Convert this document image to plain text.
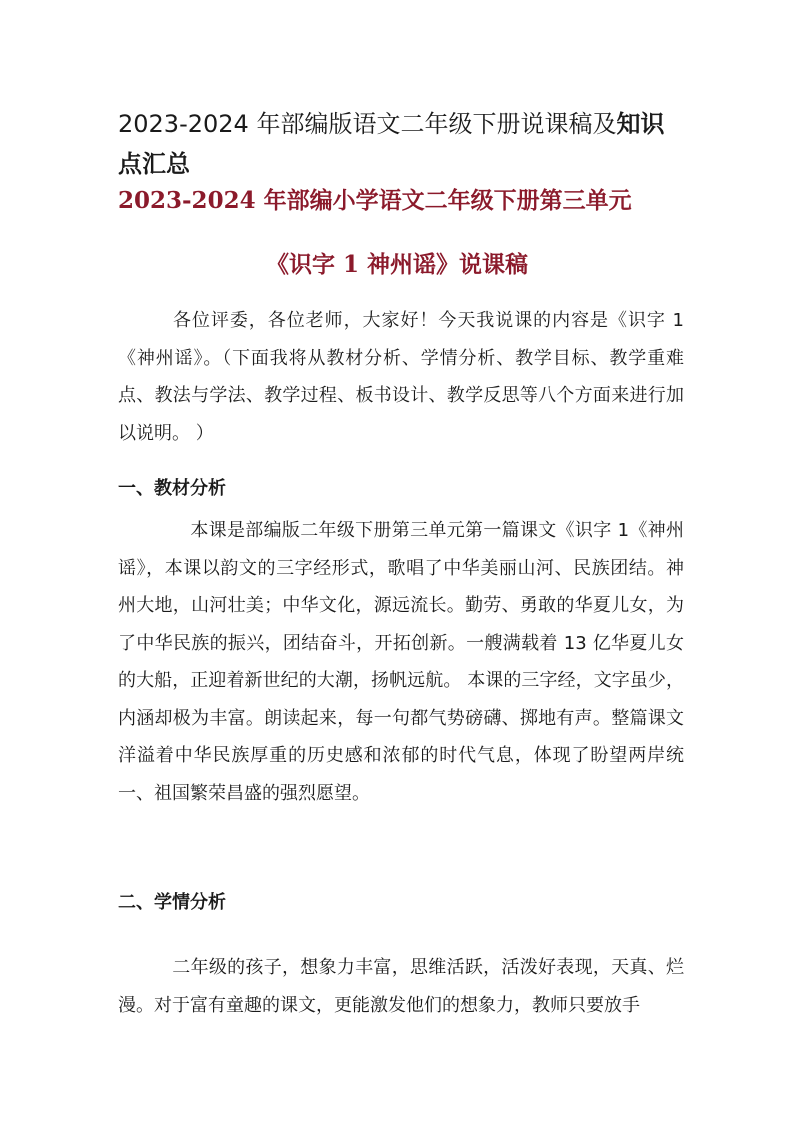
2023-2024 年部编版语文二年级下册说课稿及知识点汇总
2023-2024 年部编小学语文二年级下册第三单元
《识字 1 神州谣》说课稿

各位评委，各位老师，大家好！今天我说课的内容是《识字 1《神州谣》。（下面我将从教材分析、学情分析、教学目标、教学重难点、教法与学法、教学过程、板书设计、教学反思等八个方面来进行加以说明。 ）

一、教材分析

本课是部编版二年级下册第三单元第一篇课文《识字 1《神州谣》，本课以韵文的三字经形式，歌唱了中华美丽山河、民族团结。神州大地，山河壮美；中华文化，源远流长。勤劳、勇敢的华夏儿女，为了中华民族的振兴，团结奋斗，开拓创新。一艘满载着 13 亿华夏儿女的大船，正迎着新世纪的大潮，扬帆远航。 本课的三字经，文字虽少，内涵却极为丰富。朗读起来，每一句都气势磅礴、掷地有声。整篇课文洋溢着中华民族厚重的历史感和浓郁的时代气息，体现了盼望两岸统一、祖国繁荣昌盛的强烈愿望。

二、学情分析

二年级的孩子，想象力丰富，思维活跃，活泼好表现，天真、烂漫。对于富有童趣的课文，更能激发他们的想象力，教师只要放手
